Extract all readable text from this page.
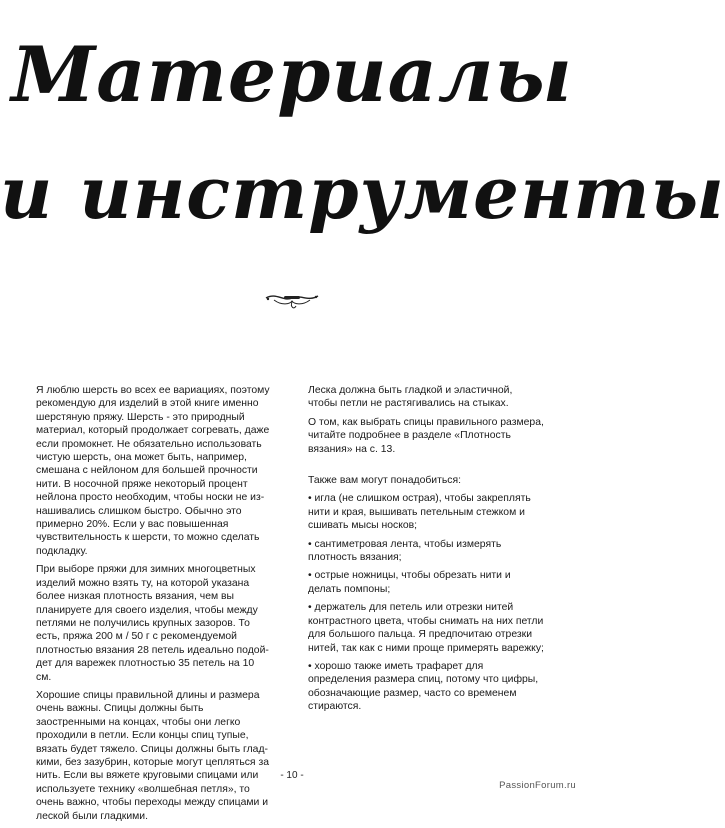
Материалы
и инструменты

Я люблю шерсть во всех ее вариациях, поэтому рекомендую для изделий в этой книге именно шерстяную пряжу. Шерсть - это природный материал, который продолжает согревать, даже если промокнет. Не обязательно использовать чистую шерсть, она может быть, например, смешана с нейлоном для большей прочности нити. В носочной пряже некоторый процент нейлона просто необходим, чтобы носки не изнашивались слишком быстро. Обычно это примерно 20%. Если у вас повышенная чувствительность к шерсти, то можно сделать подкладку.

При выборе пряжи для зимних многоцветных изделий можно взять ту, на которой указана более низкая плотность вязания, чем вы планируете для своего изделия, чтобы между петлями не получились крупных зазоров. То есть, пряжа 200 м / 50 г с рекомендуемой плотностью вязания 28 петель идеально подойдет для варежек плотностью 35 петель на 10 см.

Хорошие спицы правильной длины и размера очень важны. Спицы должны быть заостренными на концах, чтобы они легко проходили в петли. Если концы спиц тупые, вязать будет тяжело. Спицы должны быть гладкими, без зазубрин, которые могут цепляться за нить. Если вы вяжете круговыми спицами или используете технику «волшебная петля», то очень важно, чтобы переходы между спицами и леской были гладкими.

Леска должна быть гладкой и эластичной, чтобы петли не растягивались на стыках.

О том, как выбрать спицы правильного размера, читайте подробнее в разделе «Плотность вязания» на с. 13.

Также вам могут понадобиться:

• игла (не слишком острая), чтобы закреплять нити и края, вышивать петельным стежком и сшивать мысы носков;

• сантиметровая лента, чтобы измерять плотность вязания;

• острые ножницы, чтобы обрезать нити и делать помпоны;

• держатель для петель или отрезки нитей контрастного цвета, чтобы снимать на них петли для большого пальца. Я предпочитаю отрезки нитей, так как с ними проще примерять варежку;

• хорошо также иметь трафарет для определения размера спиц, потому что цифры, обозначающие размер, часто со временем стираются.

- 10 -
PassionForum.ru
